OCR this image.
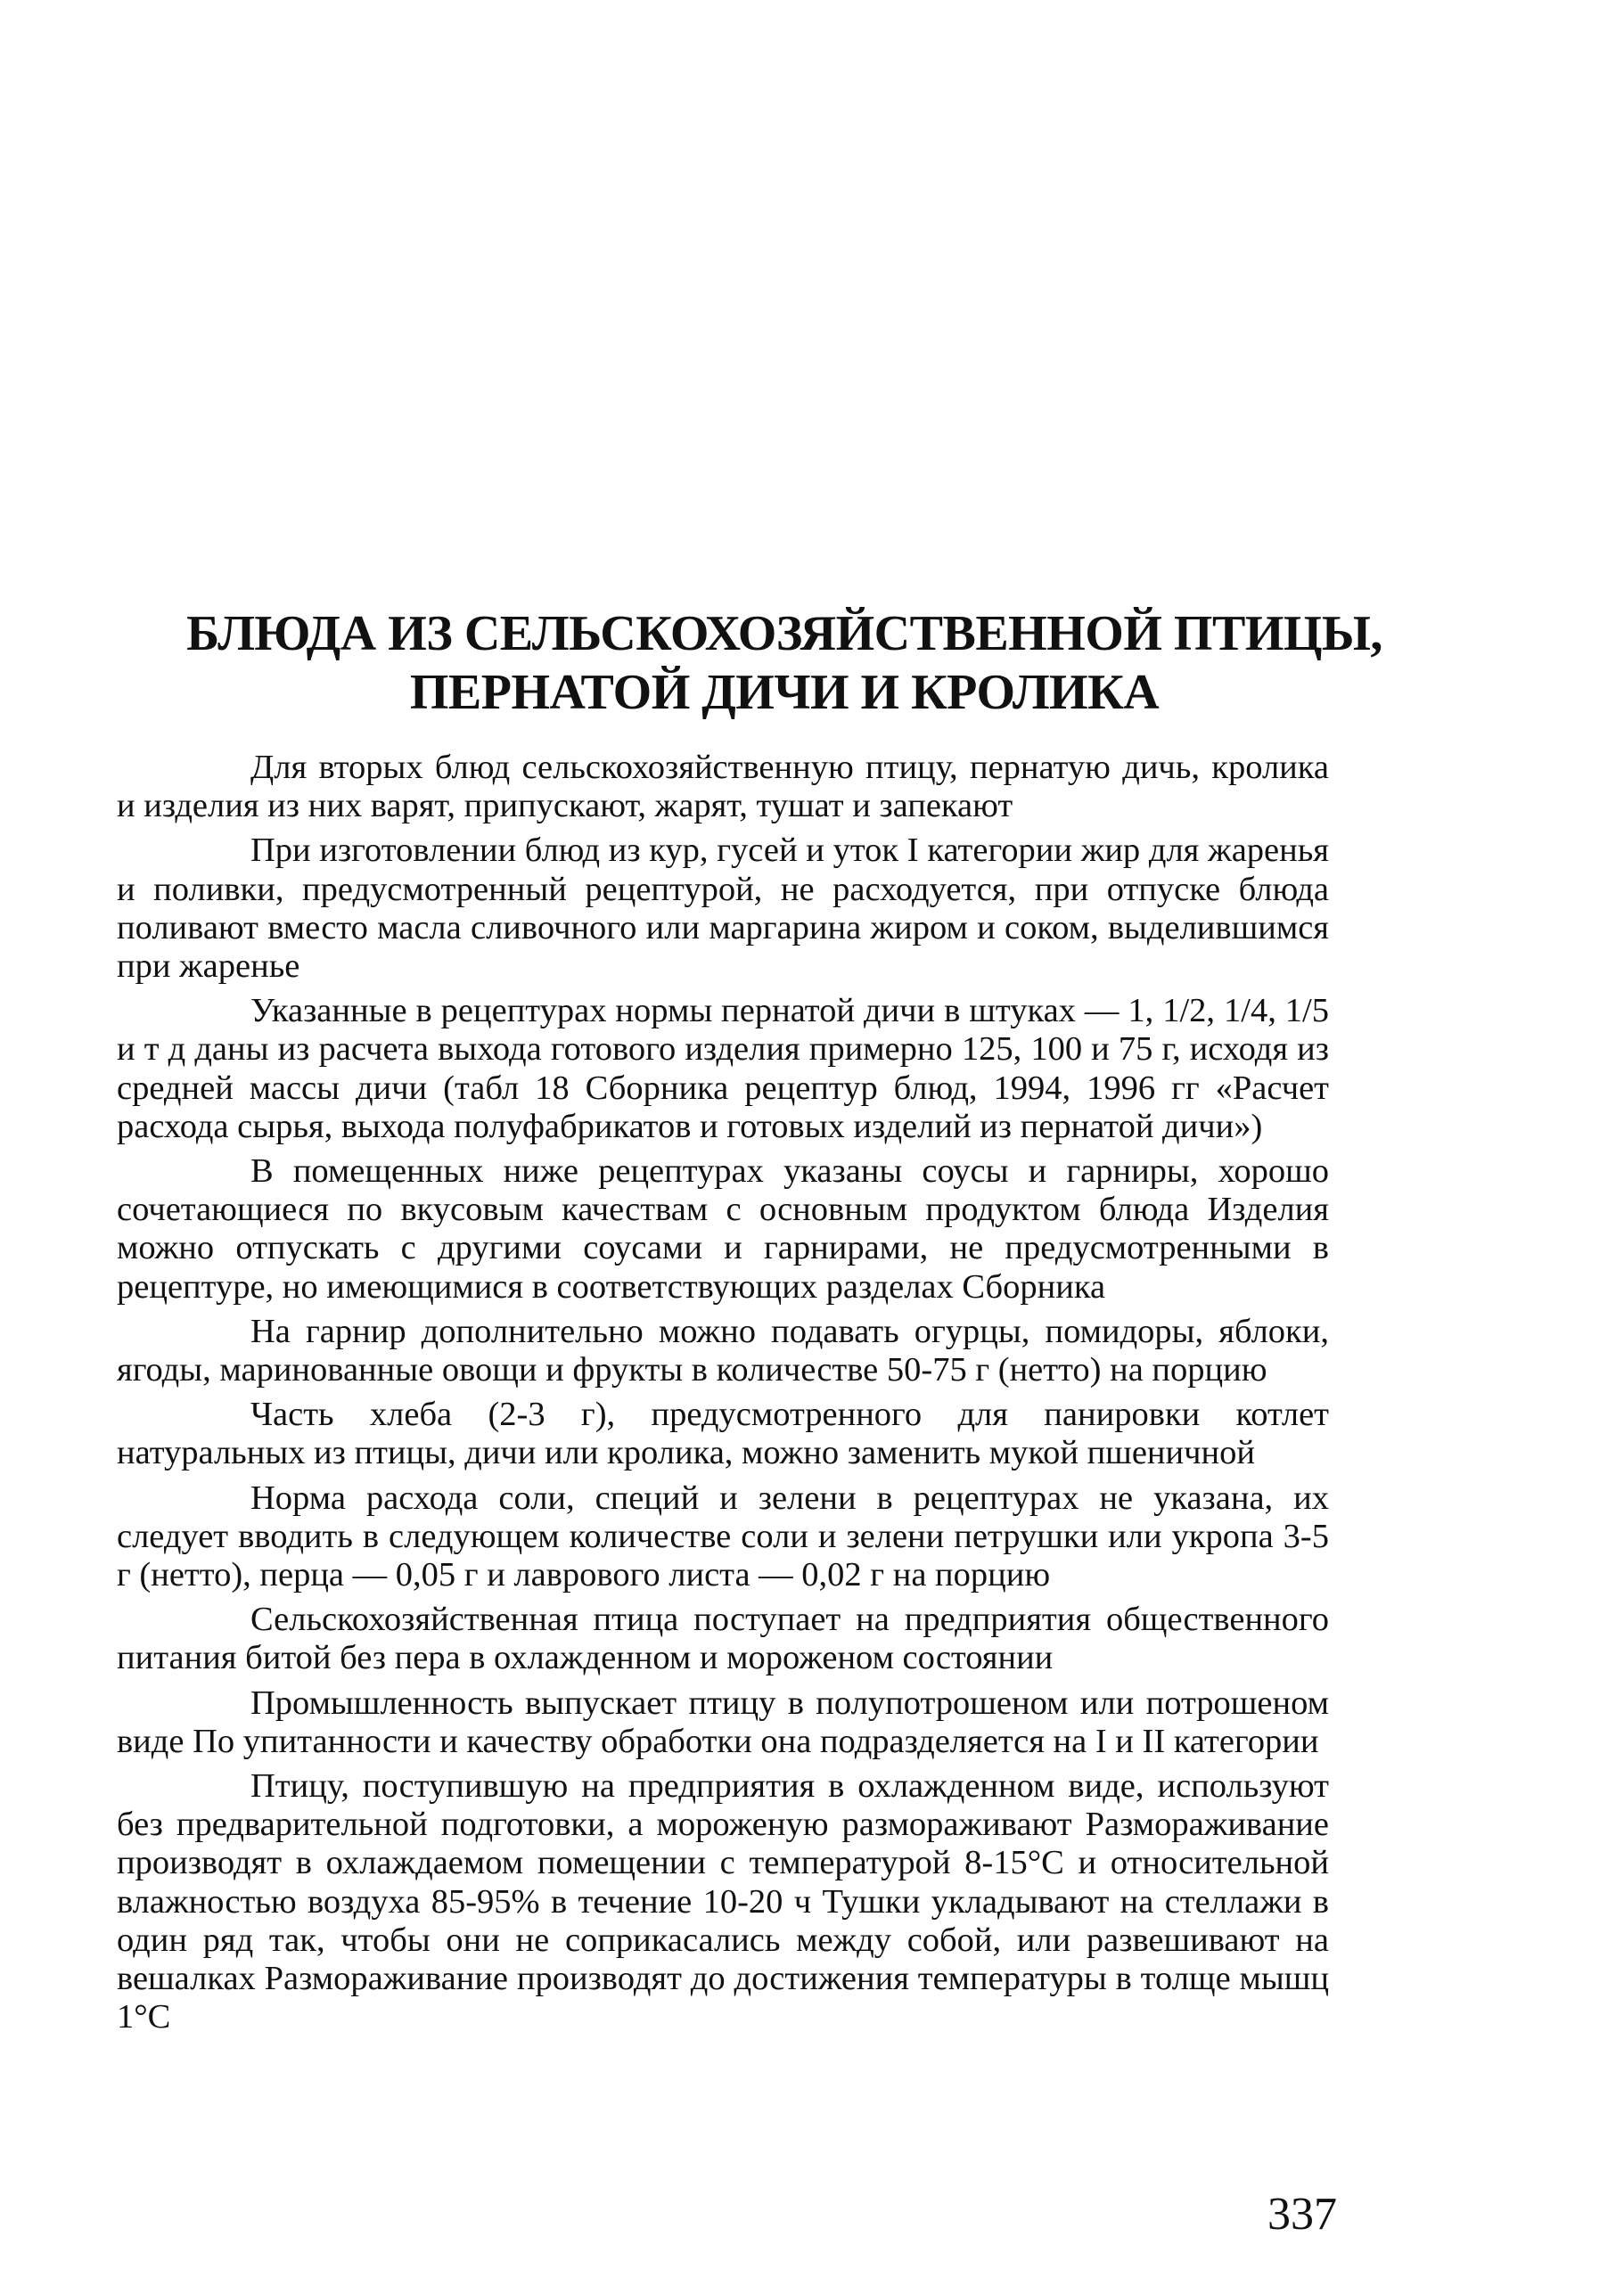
БЛЮДА ИЗ СЕЛЬСКОХОЗЯЙСТВЕННОЙ ПТИЦЫ,
ПЕРНАТОЙ ДИЧИ И КРОЛИКА

Для вторых блюд сельскохозяйственную птицу, пернатую дичь, кролика и изделия из них варят, припускают, жарят, тушат и запекают

При изготовлении блюд из кур, гусей и уток I категории жир для жаренья и поливки, предусмотренный рецептурой, не расходуется, при отпуске блюда поливают вместо масла сливочного или маргарина жиром и соком, выделившимся при жаренье

Указанные в рецептурах нормы пернатой дичи в штуках — 1, 1/2, 1/4, 1/5 и т д даны из расчета выхода готового изделия примерно 125, 100 и 75 г, исходя из средней массы дичи (табл 18 Сборника рецептур блюд, 1994, 1996 гг «Расчет расхода сырья, выхода полуфабрикатов и готовых изделий из пернатой дичи»)

В помещенных ниже рецептурах указаны соусы и гарниры, хорошо сочетающиеся по вкусовым качествам с основным продуктом блюда Изделия можно отпускать с другими соусами и гарнирами, не предусмотренными в рецептуре, но имеющимися в соответствующих разделах Сборника

На гарнир дополнительно можно подавать огурцы, помидоры, яблоки, ягоды, маринованные овощи и фрукты в количестве 50-75 г (нетто) на порцию

Часть хлеба (2-3 г), предусмотренного для панировки котлет натуральных из птицы, дичи или кролика, можно заменить мукой пшеничной

Норма расхода соли, специй и зелени в рецептурах не указана, их следует вводить в следующем количестве соли и зелени петрушки или укропа 3-5 г (нетто), перца — 0,05 г и лаврового листа — 0,02 г на порцию

Сельскохозяйственная птица поступает на предприятия общественного питания битой без пера в охлажденном и мороженом состоянии

Промышленность выпускает птицу в полупотрошеном или потрошеном виде По упитанности и качеству обработки она подразделяется на I и II категории

Птицу, поступившую на предприятия в охлажденном виде, используют без предварительной подготовки, а мороженую размораживают Размораживание производят в охлаждаемом помещении с температурой 8-15°С и относительной влажностью воздуха 85-95% в течение 10-20 ч Тушки укладывают на стеллажи в один ряд так, чтобы они не соприкасались между собой, или развешивают на вешалках Размораживание производят до достижения температуры в толще мышц 1°С

337
